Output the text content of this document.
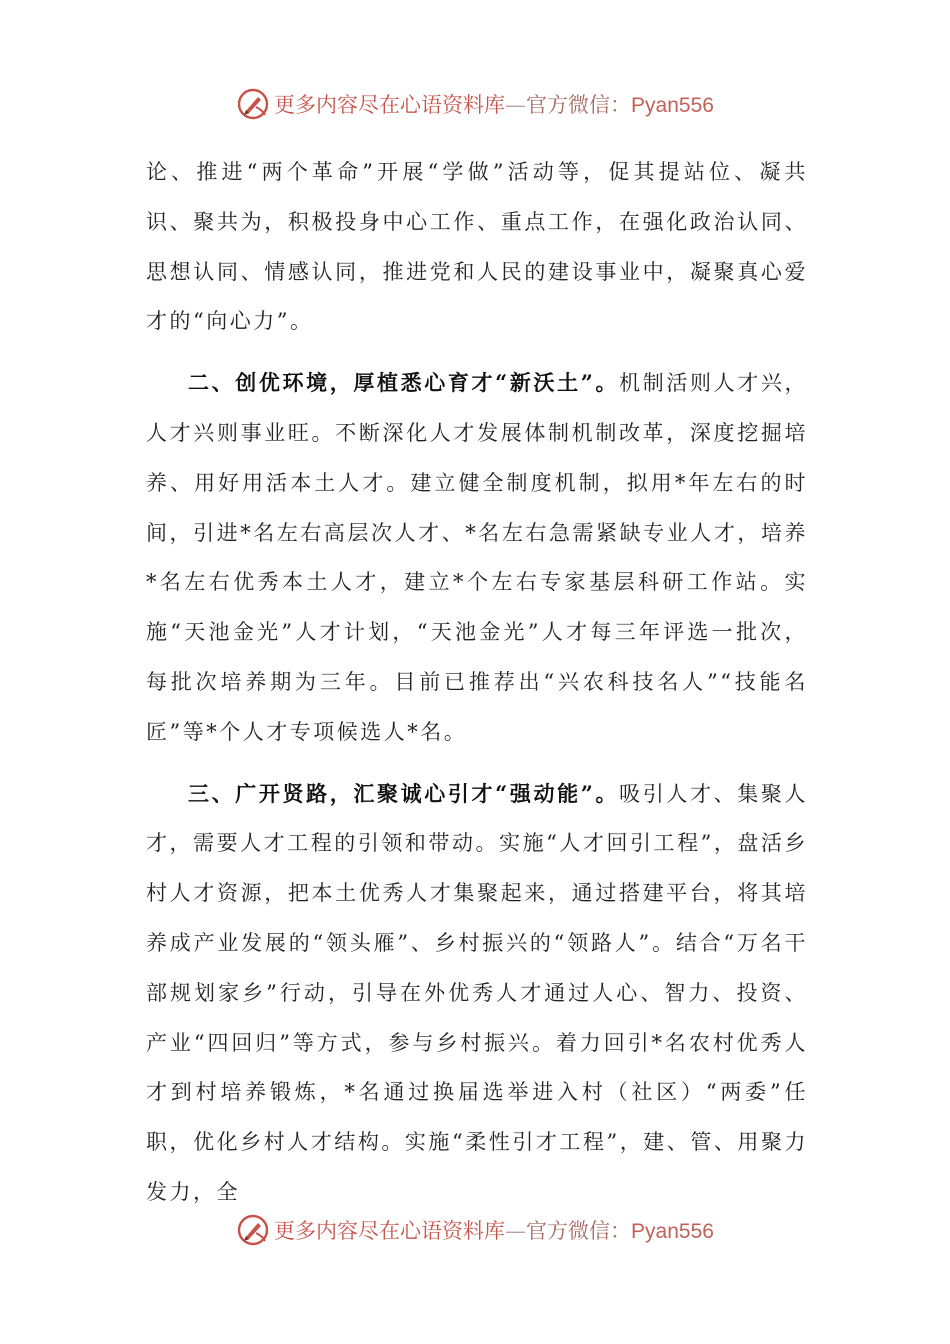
更多内容尽在心语资料库—官方微信：Pyan556

论、推进“两个革命”开展“学做”活动等，促其提站位、凝共识、聚共为，积极投身中心工作、重点工作，在强化政治认同、思想认同、情感认同，推进党和人民的建设事业中，凝聚真心爱才的“向心力”。

二、创优环境，厚植悉心育才“新沃土”。机制活则人才兴，人才兴则事业旺。不断深化人才发展体制机制改革，深度挖掘培养、用好用活本土人才。建立健全制度机制，拟用*年左右的时间，引进*名左右高层次人才、*名左右急需紧缺专业人才，培养*名左右优秀本土人才，建立*个左右专家基层科研工作站。实施“天池金光”人才计划，“天池金光”人才每三年评选一批次，每批次培养期为三年。目前已推荐出“兴农科技名人”“技能名匠”等*个人才专项候选人*名。

三、广开贤路，汇聚诚心引才“强动能”。吸引人才、集聚人才，需要人才工程的引领和带动。实施“人才回引工程”，盘活乡村人才资源，把本土优秀人才集聚起来，通过搭建平台，将其培养成产业发展的“领头雁”、乡村振兴的“领路人”。结合“万名干部规划家乡”行动，引导在外优秀人才通过人心、智力、投资、产业“四回归”等方式，参与乡村振兴。着力回引*名农村优秀人才到村培养锻炼，*名通过换届选举进入村（社区）“两委”任职，优化乡村人才结构。实施“柔性引才工程”，建、管、用聚力发力，全

更多内容尽在心语资料库—官方微信：Pyan556
